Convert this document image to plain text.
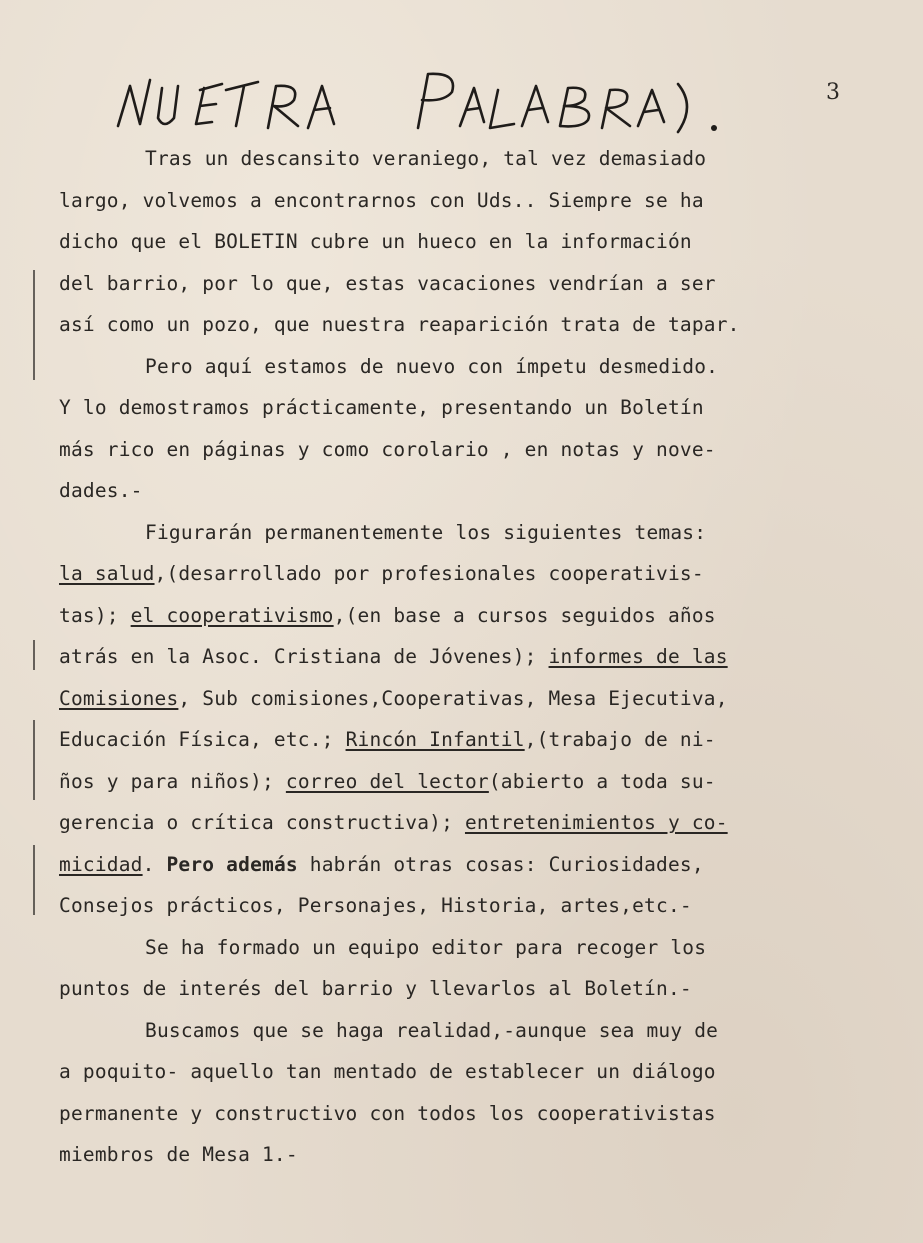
3
Tras un descansito veraniego, tal vez demasiado
largo, volvemos a encontrarnos con Uds.. Siempre se ha
dicho que el BOLETIN cubre un hueco en la información
del barrio, por lo que, estas vacaciones vendrían a ser
así como un pozo, que nuestra reaparición trata de tapar.
Pero aquí estamos de nuevo con ímpetu desmedido.
Y lo demostramos prácticamente, presentando un Boletín
más rico en páginas y como corolario , en notas y nove-
dades.-
Figurarán permanentemente los siguientes temas:
la salud,(desarrollado por profesionales cooperativis-
tas); el cooperativismo,(en base a cursos seguidos años
atrás en la Asoc. Cristiana de Jóvenes); informes de las
Comisiones, Sub comisiones,Cooperativas, Mesa Ejecutiva,
Educación Física, etc.; Rincón Infantil,(trabajo de ni-
ños y para niños); correo del lector(abierto a toda su-
gerencia o crítica constructiva); entretenimientos y co-
micidad. Pero además habrán otras cosas: Curiosidades,
Consejos prácticos, Personajes, Historia, artes,etc.-
Se ha formado un equipo editor para recoger los
puntos de interés del barrio y llevarlos al Boletín.-
Buscamos que se haga realidad,-aunque sea muy de
a poquito- aquello tan mentado de establecer un diálogo
permanente y constructivo con todos los cooperativistas
miembros de Mesa 1.-
